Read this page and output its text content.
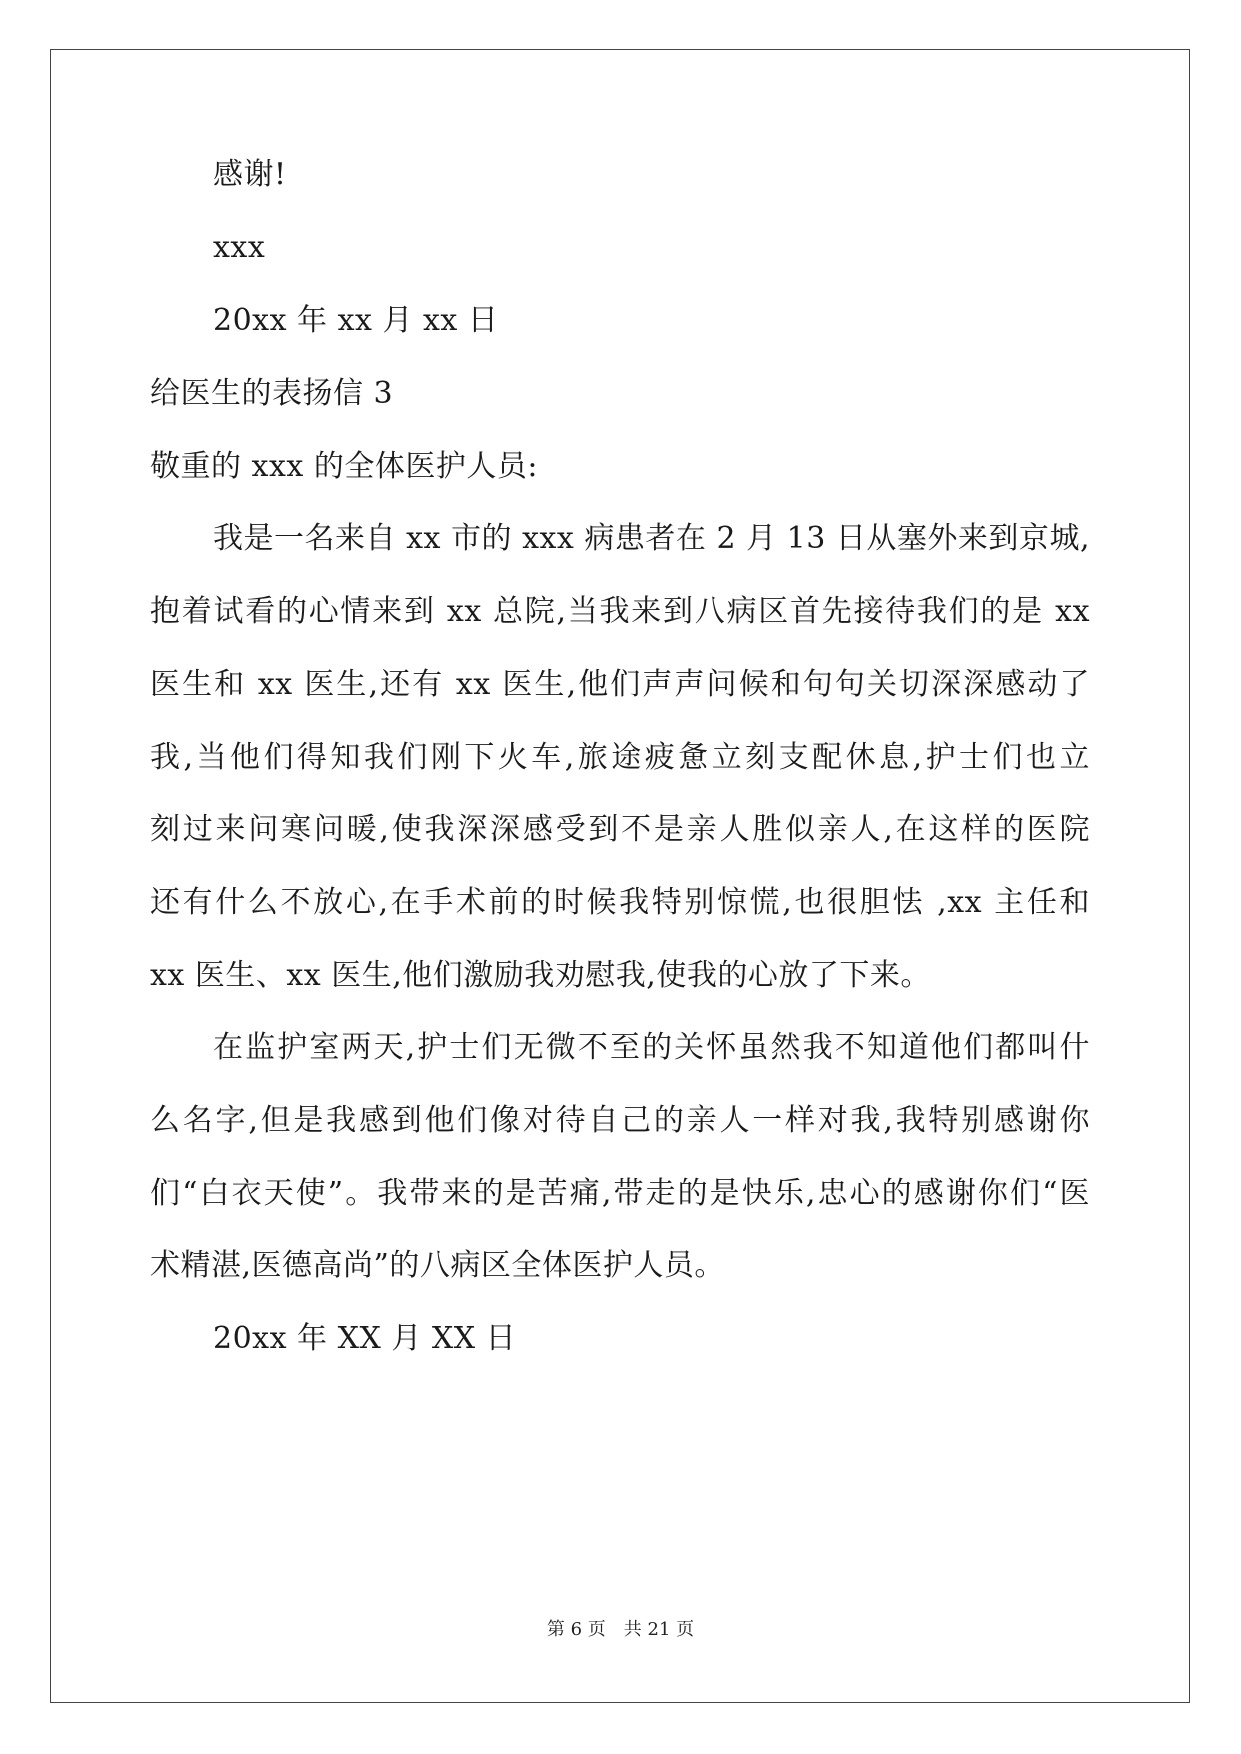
感谢!
xxx
20xx 年 xx 月 xx 日
给医生的表扬信 3
敬重的 xxx 的全体医护人员:
我是一名来自 xx 市的 xxx 病患者在 2 月 13 日从塞外来到京城,
抱着试看的心情来到 xx 总院,当我来到八病区首先接待我们的是 xx
医生和 xx 医生,还有 xx 医生,他们声声问候和句句关切深深感动了
我,当他们得知我们刚下火车,旅途疲惫立刻支配休息,护士们也立
刻过来问寒问暖,使我深深感受到不是亲人胜似亲人,在这样的医院
还有什么不放心,在手术前的时候我特别惊慌,也很胆怯 ,xx 主任和
xx 医生、xx 医生,他们激励我劝慰我,使我的心放了下来。
在监护室两天,护士们无微不至的关怀虽然我不知道他们都叫什
么名字,但是我感到他们像对待自己的亲人一样对我,我特别感谢你
们“白衣天使”。我带来的是苦痛,带走的是快乐,忠心的感谢你们“医
术精湛,医德高尚”的八病区全体医护人员。
20xx 年 XX 月 XX 日
第 6 页　共 21 页
